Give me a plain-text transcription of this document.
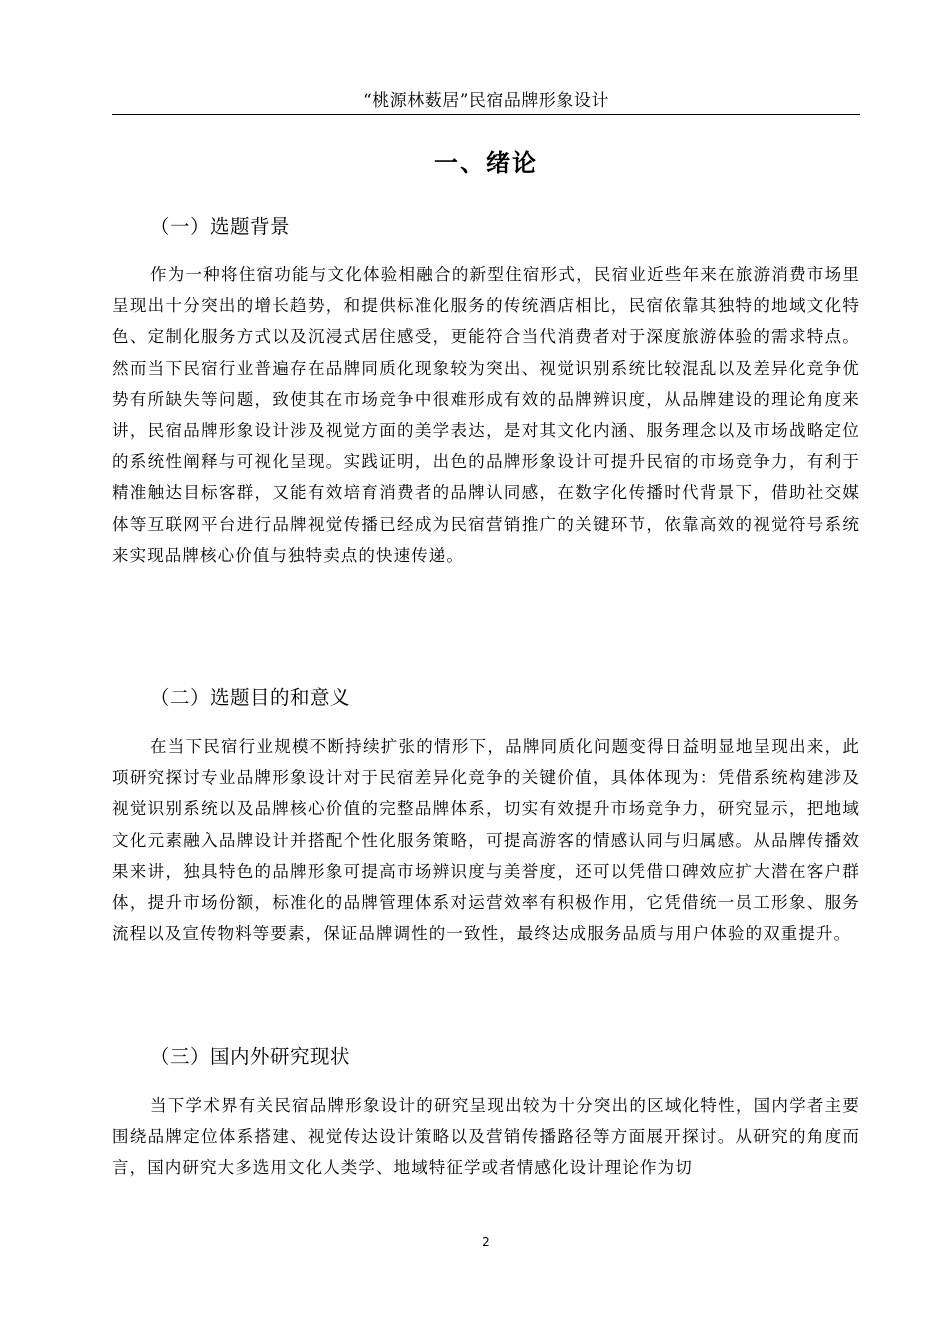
“桃源林薮居”民宿品牌形象设计
一、绪论
（一）选题背景

作为一种将住宿功能与文化体验相融合的新型住宿形式，民宿业近些年来在旅游消费市场里呈现出十分突出的增长趋势，和提供标准化服务的传统酒店相比，民宿依靠其独特的地域文化特色、定制化服务方式以及沉浸式居住感受，更能符合当代消费者对于深度旅游体验的需求特点。然而当下民宿行业普遍存在品牌同质化现象较为突出、视觉识别系统比较混乱以及差异化竞争优势有所缺失等问题，致使其在市场竞争中很难形成有效的品牌辨识度，从品牌建设的理论角度来讲，民宿品牌形象设计涉及视觉方面的美学表达，是对其文化内涵、服务理念以及市场战略定位的系统性阐释与可视化呈现。实践证明，出色的品牌形象设计可提升民宿的市场竞争力，有利于精准触达目标客群，又能有效培育消费者的品牌认同感，在数字化传播时代背景下，借助社交媒体等互联网平台进行品牌视觉传播已经成为民宿营销推广的关键环节，依靠高效的视觉符号系统来实现品牌核心价值与独特卖点的快速传递。

（二）选题目的和意义

在当下民宿行业规模不断持续扩张的情形下，品牌同质化问题变得日益明显地呈现出来，此项研究探讨专业品牌形象设计对于民宿差异化竞争的关键价值，具体体现为：凭借系统构建涉及视觉识别系统以及品牌核心价值的完整品牌体系，切实有效提升市场竞争力，研究显示，把地域文化元素融入品牌设计并搭配个性化服务策略，可提高游客的情感认同与归属感。从品牌传播效果来讲，独具特色的品牌形象可提高市场辨识度与美誉度，还可以凭借口碑效应扩大潜在客户群体，提升市场份额，标准化的品牌管理体系对运营效率有积极作用，它凭借统一员工形象、服务流程以及宣传物料等要素，保证品牌调性的一致性，最终达成服务品质与用户体验的双重提升。

（三）国内外研究现状

当下学术界有关民宿品牌形象设计的研究呈现出较为十分突出的区域化特性，国内学者主要围绕品牌定位体系搭建、视觉传达设计策略以及营销传播路径等方面展开探讨。从研究的角度而言，国内研究大多选用文化人类学、地域特征学或者情感化设计理论作为切

2
